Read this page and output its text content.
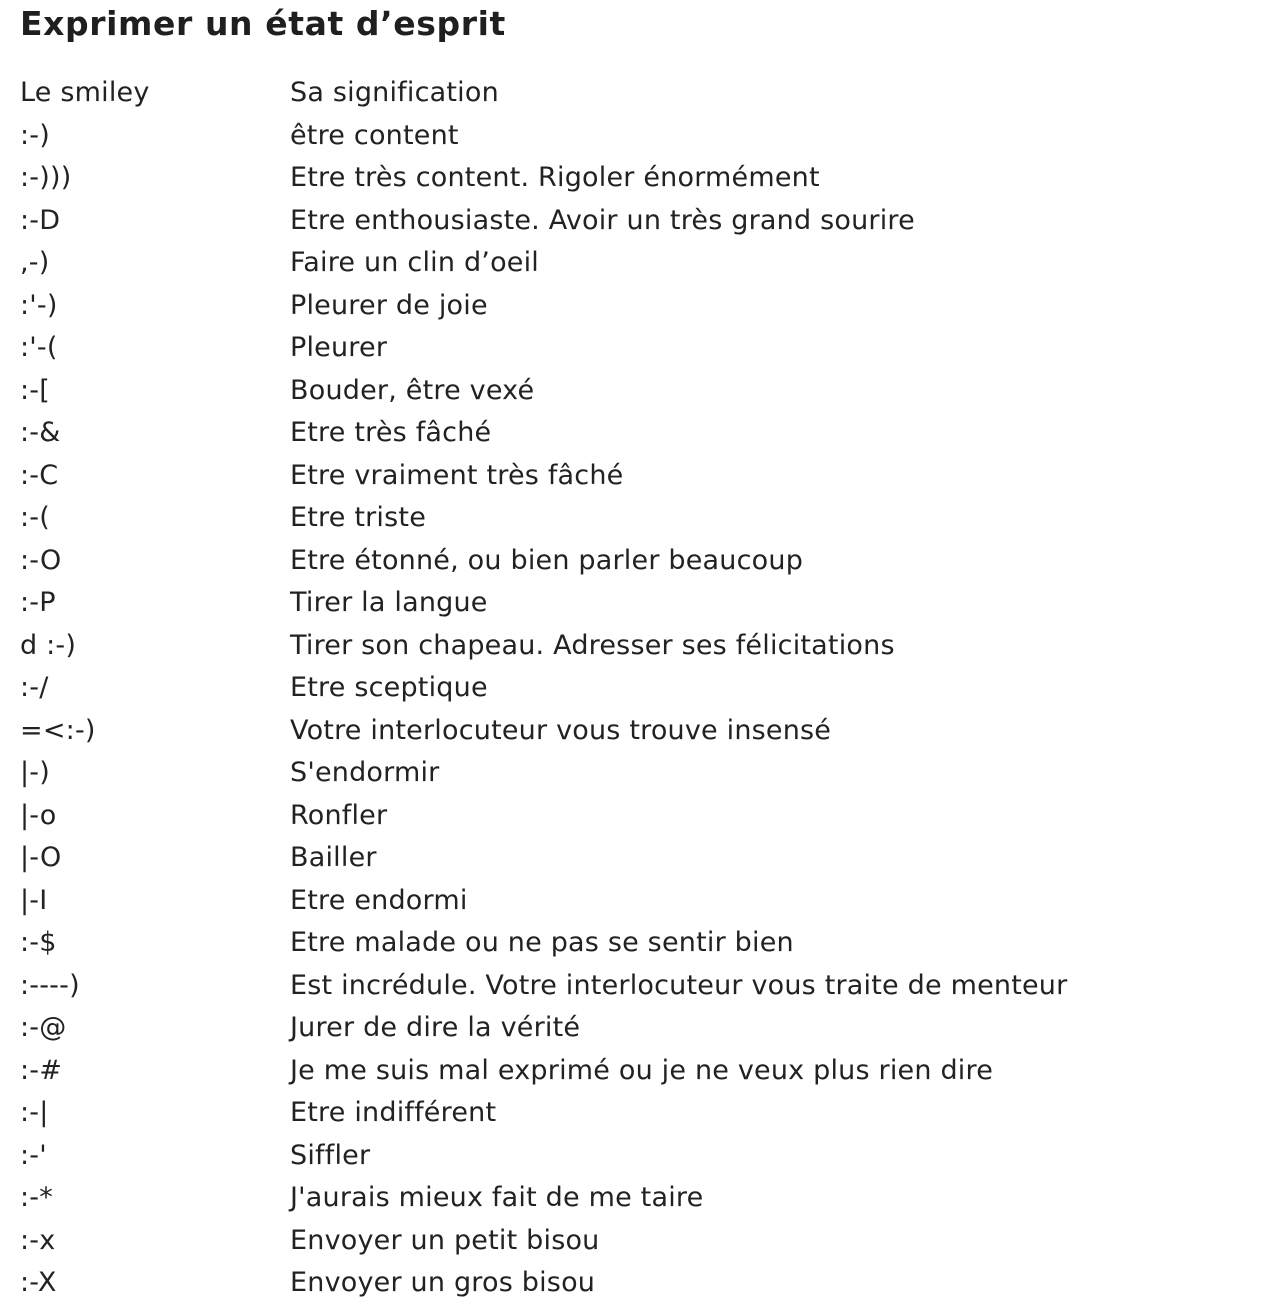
Exprimer un état d’esprit
Le smiley	Sa signification
:-)	être content
:-)))	Etre très content. Rigoler énormément
:-D	Etre enthousiaste. Avoir un très grand sourire
,-)	Faire un clin d’oeil
:'-)	Pleurer de joie
:'-(	Pleurer
:-[	Bouder, être vexé
:-&	Etre très fâché
:-C	Etre vraiment très fâché
:-(	Etre triste
:-O	Etre étonné, ou bien parler beaucoup
:-P	Tirer la langue
d :-)	Tirer son chapeau. Adresser ses félicitations
:-/	Etre sceptique
=<:-)	Votre interlocuteur vous trouve insensé
|-)	S'endormir
|-o	Ronfler
|-O	Bailler
|-I	Etre endormi
:-$	Etre malade ou ne pas se sentir bien
:----)	Est incrédule. Votre interlocuteur vous traite de menteur
:-@	Jurer de dire la vérité
:-#	Je me suis mal exprimé ou je ne veux plus rien dire
:-|	Etre indifférent
:-'	Siffler
:-*	J'aurais mieux fait de me taire
:-x	Envoyer un petit bisou
:-X	Envoyer un gros bisou
